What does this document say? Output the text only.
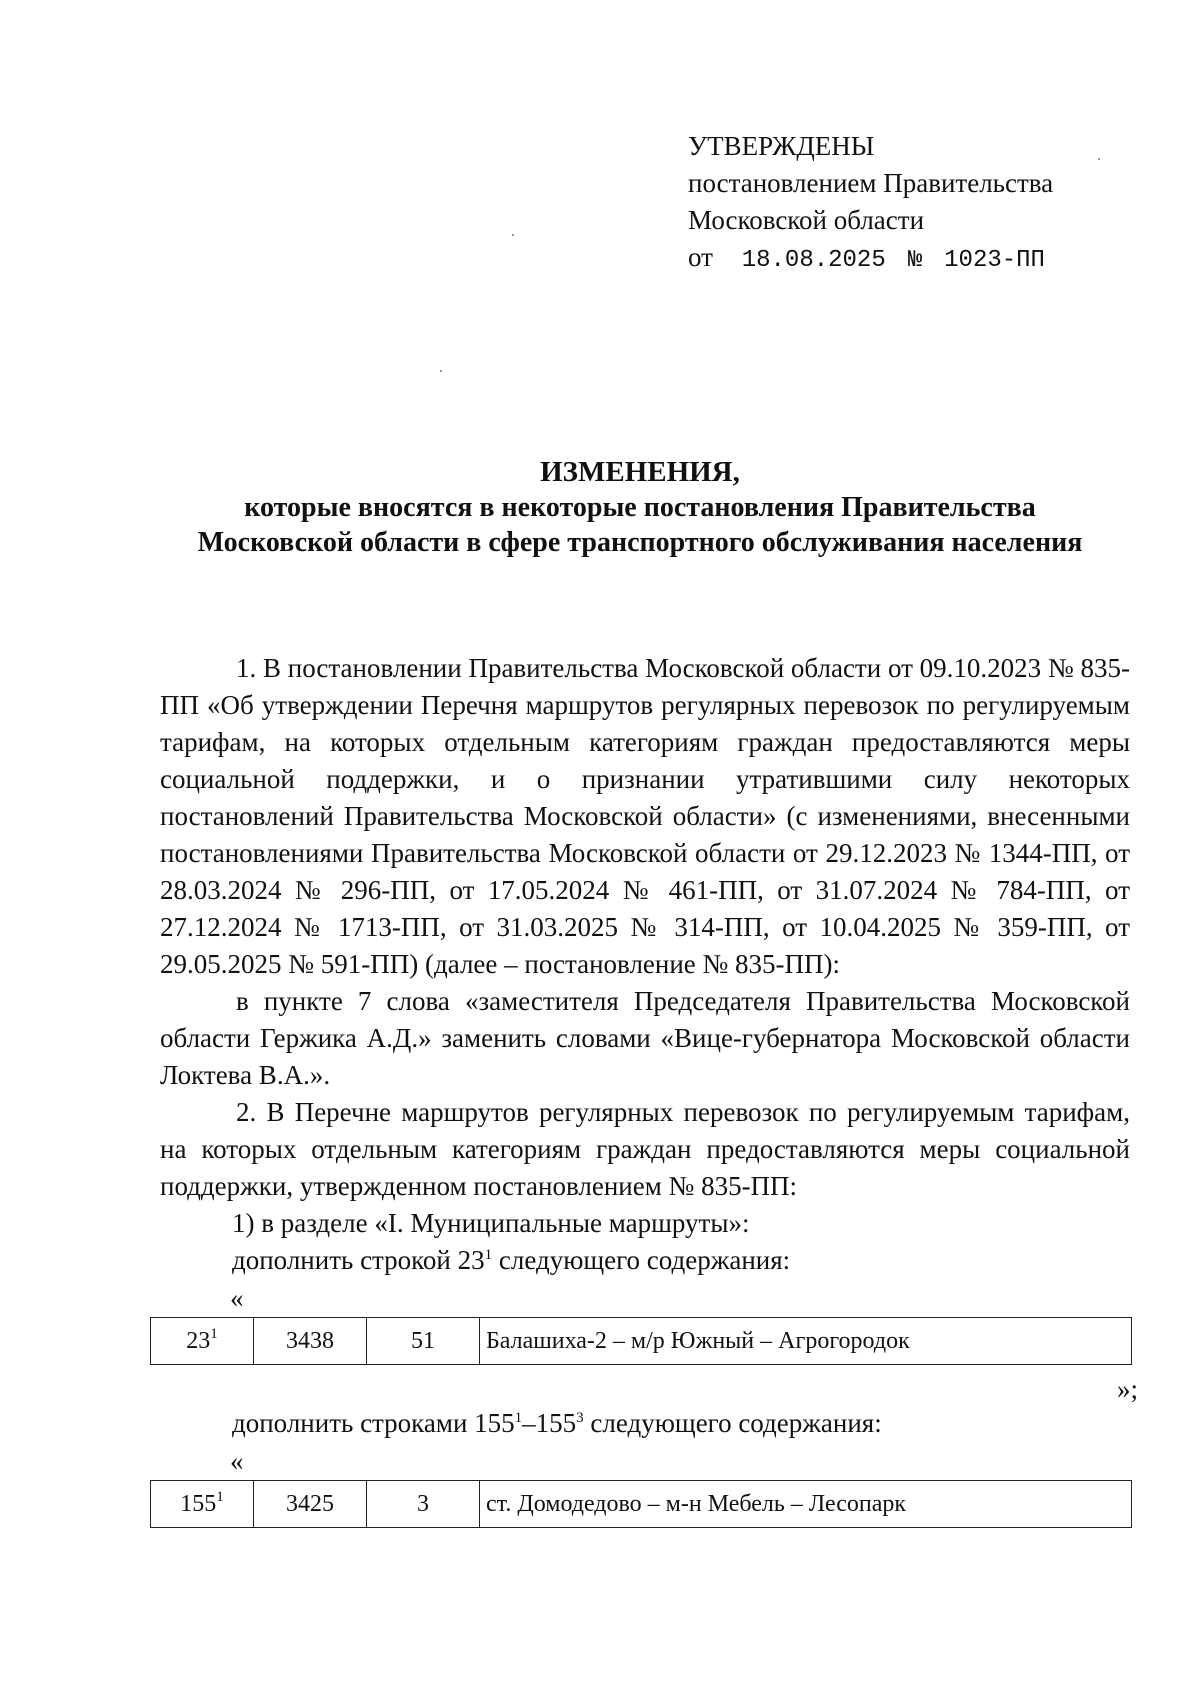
УТВЕРЖДЕНЫ
постановлением Правительства
Московской области
от 18.08.2025 № 1023-ПП
ИЗМЕНЕНИЯ,
которые вносятся в некоторые постановления Правительства
Московской области в сфере транспортного обслуживания населения

1. В постановлении Правительства Московской области от 09.10.2023 № 835-ПП «Об утверждении Перечня маршрутов регулярных перевозок по регулируемым тарифам, на которых отдельным категориям граждан предоставляются меры социальной поддержки, и о признании утратившими силу некоторых постановлений Правительства Московской области» (с изменениями, внесенными постановлениями Правительства Московской области от 29.12.2023 № 1344-ПП, от 28.03.2024 № 296-ПП, от 17.05.2024 № 461-ПП, от 31.07.2024 № 784-ПП, от 27.12.2024 № 1713-ПП, от 31.03.2025 № 314-ПП, от 10.04.2025 № 359-ПП, от 29.05.2025 № 591-ПП) (далее – постановление № 835-ПП):

в пункте 7 слова «заместителя Председателя Правительства Московской области Гержика А.Д.» заменить словами «Вице-губернатора Московской области Локтева В.А.».

2. В Перечне маршрутов регулярных перевозок по регулируемым тарифам, на которых отдельным категориям граждан предоставляются меры социальной поддержки, утвержденном постановлением № 835-ПП:

1) в разделе «I. Муниципальные маршруты»:

дополнить строкой $23^1$ следующего содержания:

«
$23^1$	3438	51	Балашиха-2 – м/р Южный – Агрогородок
»;

дополнить строками $155^1-155^3$ следующего содержания:

«
$155^1$	3425	3	ст. Домодедово – м-н Мебель – Лесопарк
